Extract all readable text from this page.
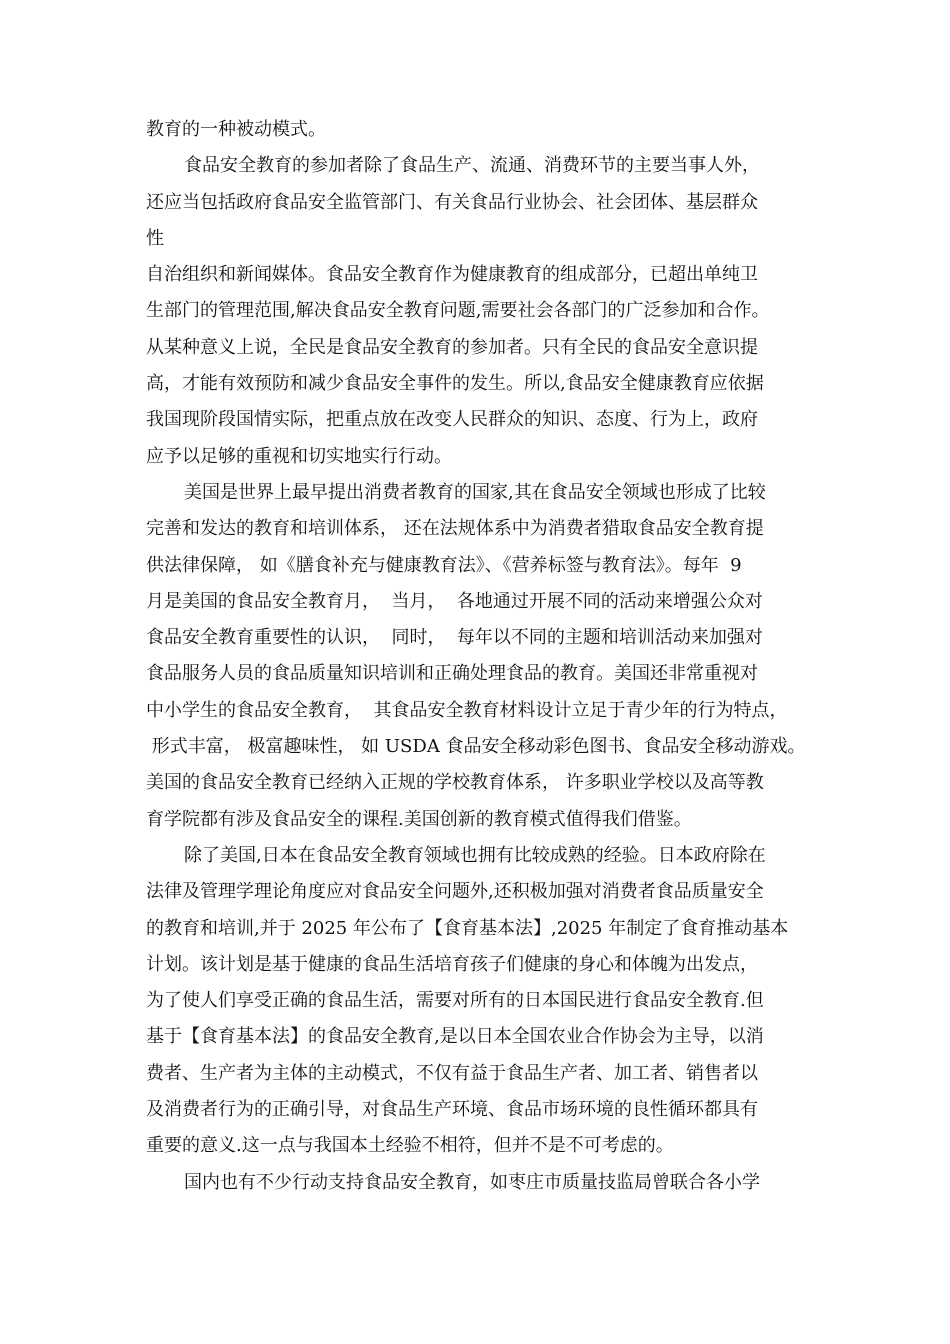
教育的一种被动模式。

食品安全教育的参加者除了食品生产、流通、消费环节的主要当事人外，

还应当包括政府食品安全监管部门、有关食品行业协会、社会团体、基层群众

性

自治组织和新闻媒体。食品安全教育作为健康教育的组成部分，已超出单纯卫

生部门的管理范围,解决食品安全教育问题,需要社会各部门的广泛参加和合作。

从某种意义上说，全民是食品安全教育的参加者。只有全民的食品安全意识提

高，才能有效预防和减少食品安全事件的发生。所以,食品安全健康教育应依据

我国现阶段国情实际，把重点放在改变人民群众的知识、态度、行为上，政府

应予以足够的重视和切实地实行行动。

美国是世界上最早提出消费者教育的国家,其在食品安全领域也形成了比较

完善和发达的教育和培训体系， 还在法规体系中为消费者猎取食品安全教育提

供法律保障， 如《膳食补充与健康教育法》、《营养标签与教育法》。每年  9

月是美国的食品安全教育月，  当月，  各地通过开展不同的活动来增强公众对

食品安全教育重要性的认识，  同时，  每年以不同的主题和培训活动来加强对

食品服务人员的食品质量知识培训和正确处理食品的教育。美国还非常重视对

中小学生的食品安全教育，  其食品安全教育材料设计立足于青少年的行为特点，

形式丰富， 极富趣味性， 如 USDA 食品安全移动彩色图书、食品安全移动游戏。

美国的食品安全教育已经纳入正规的学校教育体系， 许多职业学校以及高等教

育学院都有涉及食品安全的课程.美国创新的教育模式值得我们借鉴。

除了美国,日本在食品安全教育领域也拥有比较成熟的经验。日本政府除在

法律及管理学理论角度应对食品安全问题外,还积极加强对消费者食品质量安全

的教育和培训,并于 2025 年公布了【食育基本法】,2025 年制定了食育推动基本

计划。该计划是基于健康的食品生活培育孩子们健康的身心和体魄为出发点，

为了使人们享受正确的食品生活，需要对所有的日本国民进行食品安全教育.但

基于【食育基本法】的食品安全教育,是以日本全国农业合作协会为主导，以消

费者、生产者为主体的主动模式，不仅有益于食品生产者、加工者、销售者以

及消费者行为的正确引导，对食品生产环境、食品市场环境的良性循环都具有

重要的意义.这一点与我国本土经验不相符，但并不是不可考虑的。

国内也有不少行动支持食品安全教育，如枣庄市质量技监局曾联合各小学
